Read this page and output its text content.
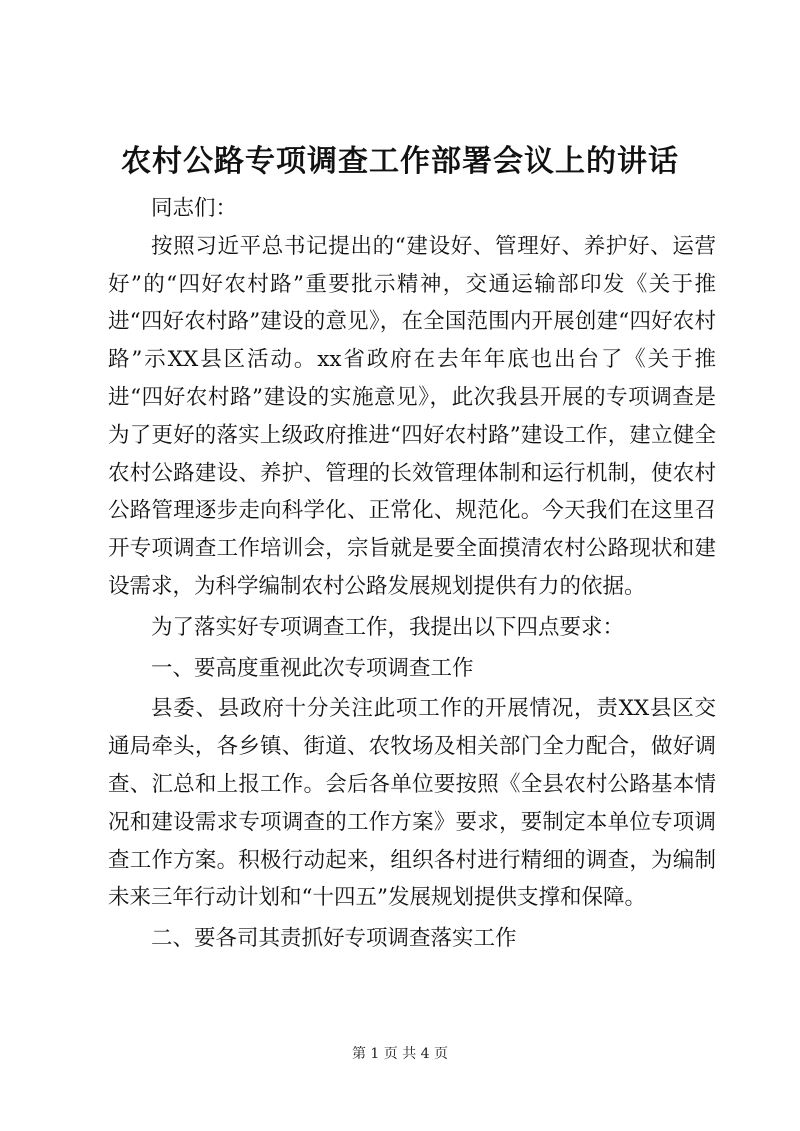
农村公路专项调查工作部署会议上的讲话

同志们：

按照习近平总书记提出的“建设好、管理好、养护好、运营好”的“四好农村路”重要批示精神，交通运输部印发《关于推进“四好农村路”建设的意见》，在全国范围内开展创建“四好农村路”示XX县区活动。xx省政府在去年年底也出台了《关于推进“四好农村路”建设的实施意见》，此次我县开展的专项调查是为了更好的落实上级政府推进“四好农村路”建设工作，建立健全农村公路建设、养护、管理的长效管理体制和运行机制，使农村公路管理逐步走向科学化、正常化、规范化。今天我们在这里召开专项调查工作培训会，宗旨就是要全面摸清农村公路现状和建设需求，为科学编制农村公路发展规划提供有力的依据。

为了落实好专项调查工作，我提出以下四点要求：

一、要高度重视此次专项调查工作

县委、县政府十分关注此项工作的开展情况，责XX县区交通局牵头，各乡镇、街道、农牧场及相关部门全力配合，做好调查、汇总和上报工作。会后各单位要按照《全县农村公路基本情况和建设需求专项调查的工作方案》要求，要制定本单位专项调查工作方案。积极行动起来，组织各村进行精细的调查，为编制未来三年行动计划和“十四五”发展规划提供支撑和保障。

二、要各司其责抓好专项调查落实工作

第 1 页 共 4 页
